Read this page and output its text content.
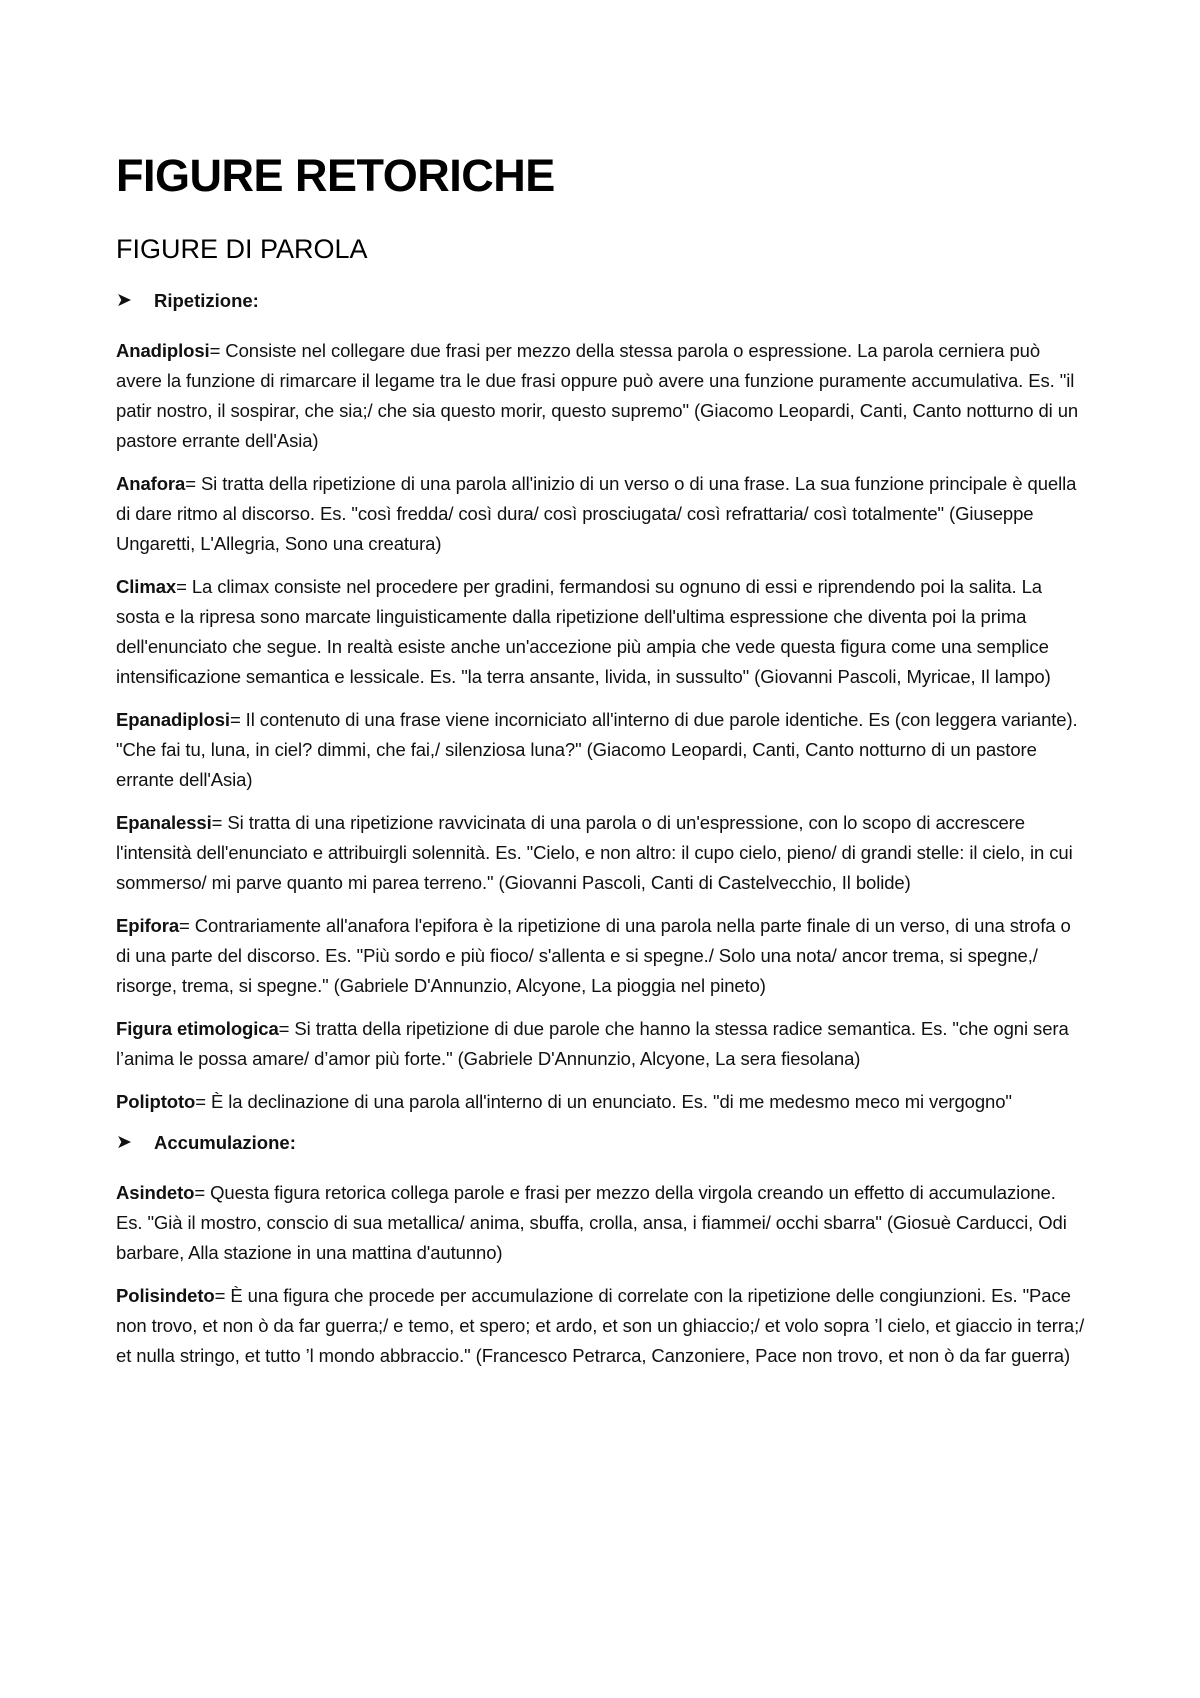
FIGURE RETORICHE
FIGURE DI PAROLA
➤	Ripetizione:

Anadiplosi= Consiste nel collegare due frasi per mezzo della stessa parola o espressione. La parola cerniera può avere la funzione di rimarcare il legame tra le due frasi oppure può avere una funzione puramente accumulativa. Es. "il patir nostro, il sospirar, che sia;/ che sia questo morir, questo supremo" (Giacomo Leopardi, Canti, Canto notturno di un pastore errante dell'Asia)

Anafora= Si tratta della ripetizione di una parola all'inizio di un verso o di una frase. La sua funzione principale è quella di dare ritmo al discorso. Es. "così fredda/ così dura/ così prosciugata/ così refrattaria/ così totalmente" (Giuseppe Ungaretti, L'Allegria, Sono una creatura)

Climax= La climax consiste nel procedere per gradini, fermandosi su ognuno di essi e riprendendo poi la salita. La sosta e la ripresa sono marcate linguisticamente dalla ripetizione dell'ultima espressione che diventa poi la prima dell'enunciato che segue. In realtà esiste anche un'accezione più ampia che vede questa figura come una semplice intensificazione semantica e lessicale. Es. "la terra ansante, livida, in sussulto" (Giovanni Pascoli, Myricae, Il lampo)

Epanadiplosi= Il contenuto di una frase viene incorniciato all'interno di due parole identiche. Es (con leggera variante). "Che fai tu, luna, in ciel? dimmi, che fai,/ silenziosa luna?" (Giacomo Leopardi, Canti, Canto notturno di un pastore errante dell'Asia)

Epanalessi= Si tratta di una ripetizione ravvicinata di una parola o di un'espressione, con lo scopo di accrescere l'intensità dell'enunciato e attribuirgli solennità. Es. "Cielo, e non altro: il cupo cielo, pieno/ di grandi stelle: il cielo, in cui sommerso/ mi parve quanto mi parea terreno." (Giovanni Pascoli, Canti di Castelvecchio, Il bolide)

Epifora= Contrariamente all'anafora l'epifora è la ripetizione di una parola nella parte finale di un verso, di una strofa o di una parte del discorso. Es. "Più sordo e più fioco/ s'allenta e si spegne./ Solo una nota/ ancor trema, si spegne,/ risorge, trema, si spegne." (Gabriele D'Annunzio, Alcyone, La pioggia nel pineto)

Figura etimologica= Si tratta della ripetizione di due parole che hanno la stessa radice semantica. Es. "che ogni sera l’anima le possa amare/ d’amor più forte." (Gabriele D'Annunzio, Alcyone, La sera fiesolana)

Poliptoto= È la declinazione di una parola all'interno di un enunciato. Es. "di me medesmo meco mi vergogno"

➤	Accumulazione:

Asindeto= Questa figura retorica collega parole e frasi per mezzo della virgola creando un effetto di accumulazione. Es. "Già il mostro, conscio di sua metallica/ anima, sbuffa, crolla, ansa, i fiammei/ occhi sbarra" (Giosuè Carducci, Odi barbare, Alla stazione in una mattina d'autunno)

Polisindeto= È una figura che procede per accumulazione di correlate con la ripetizione delle congiunzioni. Es. "Pace non trovo, et non ò da far guerra;/ e temo, et spero; et ardo, et son un ghiaccio;/ et volo sopra ’l cielo, et giaccio in terra;/ et nulla stringo, et tutto ’l mondo abbraccio." (Francesco Petrarca, Canzoniere, Pace non trovo, et non ò da far guerra)
